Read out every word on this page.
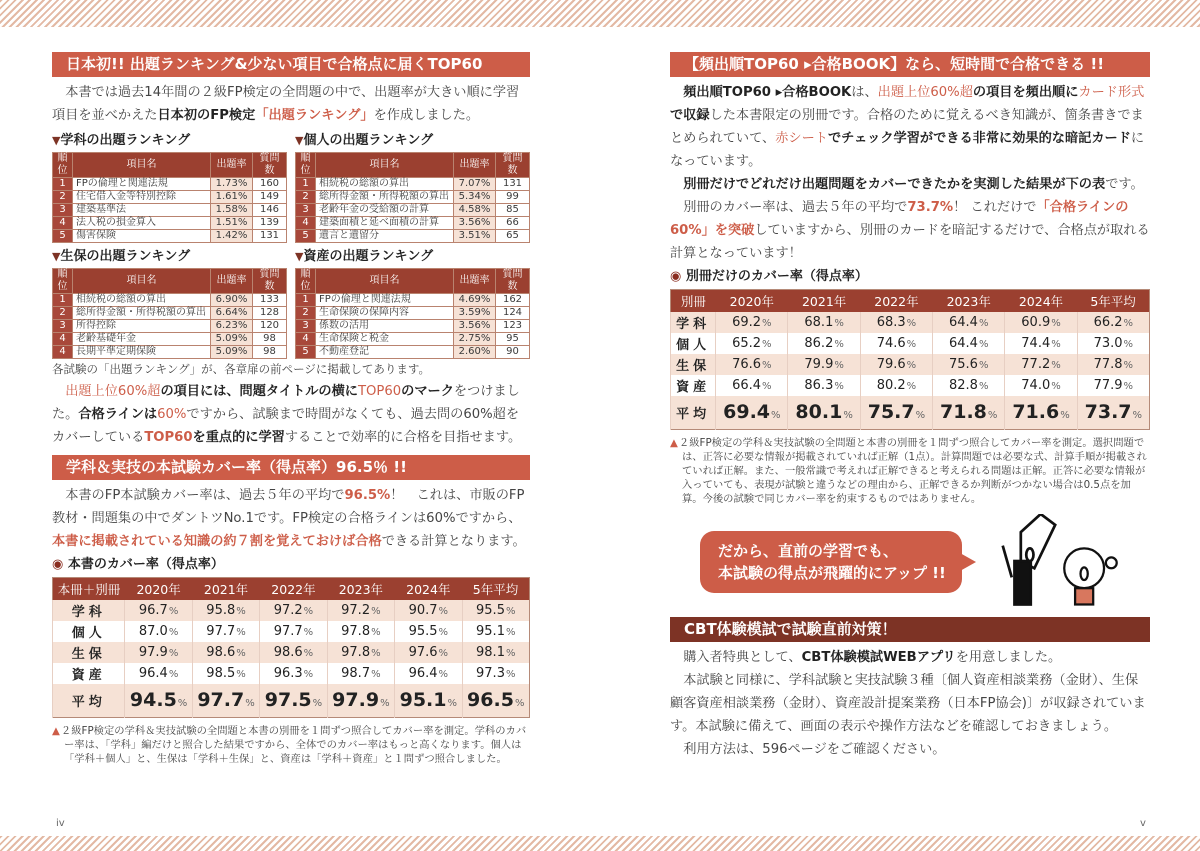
日本初!! 出題ランキング&少ない項目で合格点に届くTOP60
本書では過去14年間の２級FP検定の全問題の中で、出題率が大きい順に学習項目を並べかえた日本初のFP検定「出題ランキング」を作成しました。
▼ 学科の出題ランキング
順位	項目名	出題率	質問数
1	FPの倫理と関連法規	1.73%	160
2	住宅借入金等特別控除	1.61%	149
3	建築基準法	1.58%	146
4	法人税の損金算入	1.51%	139
5	傷害保険	1.42%	131
▼ 個人の出題ランキング
順位	項目名	出題率	質問数
1	相続税の総額の算出	7.07%	131
2	総所得金額・所得税額の算出	5.34%	99
3	老齢年金の受給額の計算	4.58%	85
4	建築面積と延べ面積の計算	3.56%	66
5	遺言と遺留分	3.51%	65
▼ 生保の出題ランキング
順位	項目名	出題率	質問数
1	相続税の総額の算出	6.90%	133
2	総所得金額・所得税額の算出	6.64%	128
3	所得控除	6.23%	120
4	老齢基礎年金	5.09%	98
4	長期平準定期保険	5.09%	98
▼ 資産の出題ランキング
順位	項目名	出題率	質問数
1	FPの倫理と関連法規	4.69%	162
2	生命保険の保障内容	3.59%	124
3	係数の活用	3.56%	123
4	生命保険と税金	2.75%	95
5	不動産登記	2.60%	90
各試験の「出題ランキング」が、各章扉の前ページに掲載してあります。
出題上位60%超の項目には、問題タイトルの横にTOP60のマークをつけました。合格ラインは60%ですから、試験まで時間がなくても、過去問の60%超をカバーしているTOP60を重点的に学習することで効率的に合格を目指せます。
学科＆実技の本試験カバー率（得点率）96.5％ !!
本書のFP本試験カバー率は、過去５年の平均で96.5%！　これは、市販のFP教材・問題集の中でダントツNo.1です。FP検定の合格ラインは60%ですから、本書に掲載されている知識の約７割を覚えておけば合格できる計算となります。
◉ 本書のカバー率（得点率）
本冊＋別冊	2020年	2021年	2022年	2023年	2024年	5年平均
学科	96.7%	95.8%	97.2%	97.2%	90.7%	95.5%
個人	87.0%	97.7%	97.7%	97.8%	95.5%	95.1%
生保	97.9%	98.6%	98.6%	97.8%	97.6%	98.1%
資産	96.4%	98.5%	96.3%	98.7%	96.4%	97.3%
平均	94.5%	97.7%	97.5%	97.9%	95.1%	96.5%
▲ ２級FP検定の学科＆実技試験の全問題と本書の別冊を１問ずつ照合してカバー率を測定。学科のカバー率は、「学科」編だけと照合した結果ですから、全体でのカバー率はもっと高くなります。個人は「学科＋個人」と、生保は「学科＋生保」と、資産は「学科＋資産」と１問ずつ照合しました。
iv
【頻出順TOP60 ▸合格BOOK】なら、短時間で合格できる !!
頻出順TOP60 ▸合格BOOKは、出題上位60%超の項目を頻出順にカード形式で収録した本書限定の別冊です。合格のために覚えるべき知識が、箇条書きでまとめられていて、赤シートでチェック学習ができる非常に効果的な暗記カードになっています。
別冊だけでどれだけ出題問題をカバーできたかを実測した結果が下の表です。
別冊のカバー率は、過去５年の平均で73.7%！ これだけで「合格ラインの60%」を突破していますから、別冊のカードを暗記するだけで、合格点が取れる計算となっています！
◉ 別冊だけのカバー率（得点率）
別冊	2020年	2021年	2022年	2023年	2024年	5年平均
学科	69.2%	68.1%	68.3%	64.4%	60.9%	66.2%
個人	65.2%	86.2%	74.6%	64.4%	74.4%	73.0%
生保	76.6%	79.9%	79.6%	75.6%	77.2%	77.8%
資産	66.4%	86.3%	80.2%	82.8%	74.0%	77.9%
平均	69.4%	80.1%	75.7%	71.8%	71.6%	73.7%
▲ ２級FP検定の学科＆実技試験の全問題と本書の別冊を１問ずつ照合してカバー率を測定。選択問題では、正答に必要な情報が掲載されていれば正解（1点）。計算問題では必要な式、計算手順が掲載されていれば正解。また、一般常識で考えれば正解できると考えられる問題は正解。正答に必要な情報が入っていても、表現が試験と違うなどの理由から、正解できるか判断がつかない場合は0.5点を加算。今後の試験で同じカバー率を約束するものではありません。
だから、直前の学習でも、
本試験の得点が飛躍的にアップ !!
CBT体験模試で試験直前対策！
購入者特典として、CBT体験模試WEBアプリを用意しました。
本試験と同様に、学科試験と実技試験３種〔個人資産相談業務（金財）、生保顧客資産相談業務（金財）、資産設計提案業務（日本FP協会)〕が収録されています。本試験に備えて、画面の表示や操作方法などを確認しておきましょう。
利用方法は、596ページをご確認ください。
v
